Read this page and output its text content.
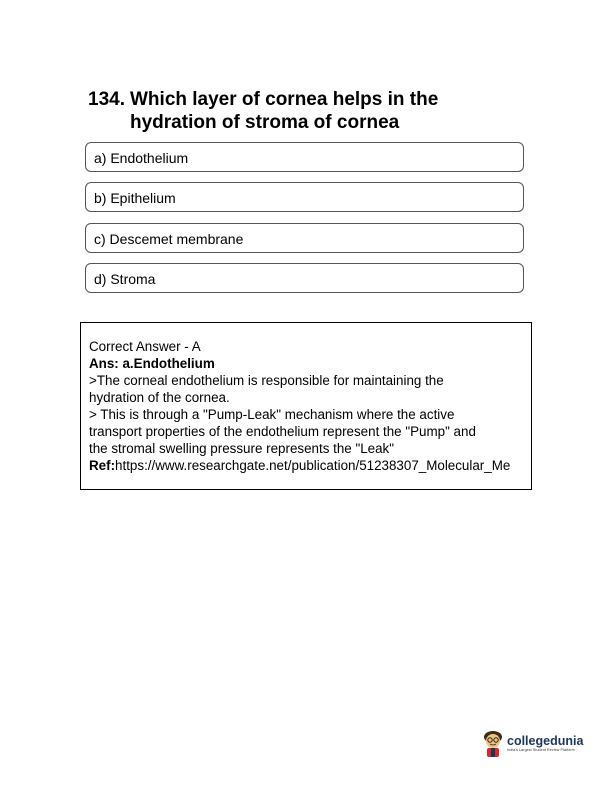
134. Which layer of cornea helps in the
hydration of stroma of cornea
a) Endothelium
b) Epithelium
c) Descemet membrane
d) Stroma
Correct Answer - A
Ans: a.Endothelium
>The corneal endothelium is responsible for maintaining the
hydration of the cornea.
> This is through a "Pump-Leak" mechanism where the active
transport properties of the endothelium represent the "Pump" and
the stromal swelling pressure represents the "Leak"
Ref:https://www.researchgate.net/publication/51238307_Molecular_Me
collegedunia
India's Largest Student Review Platform
